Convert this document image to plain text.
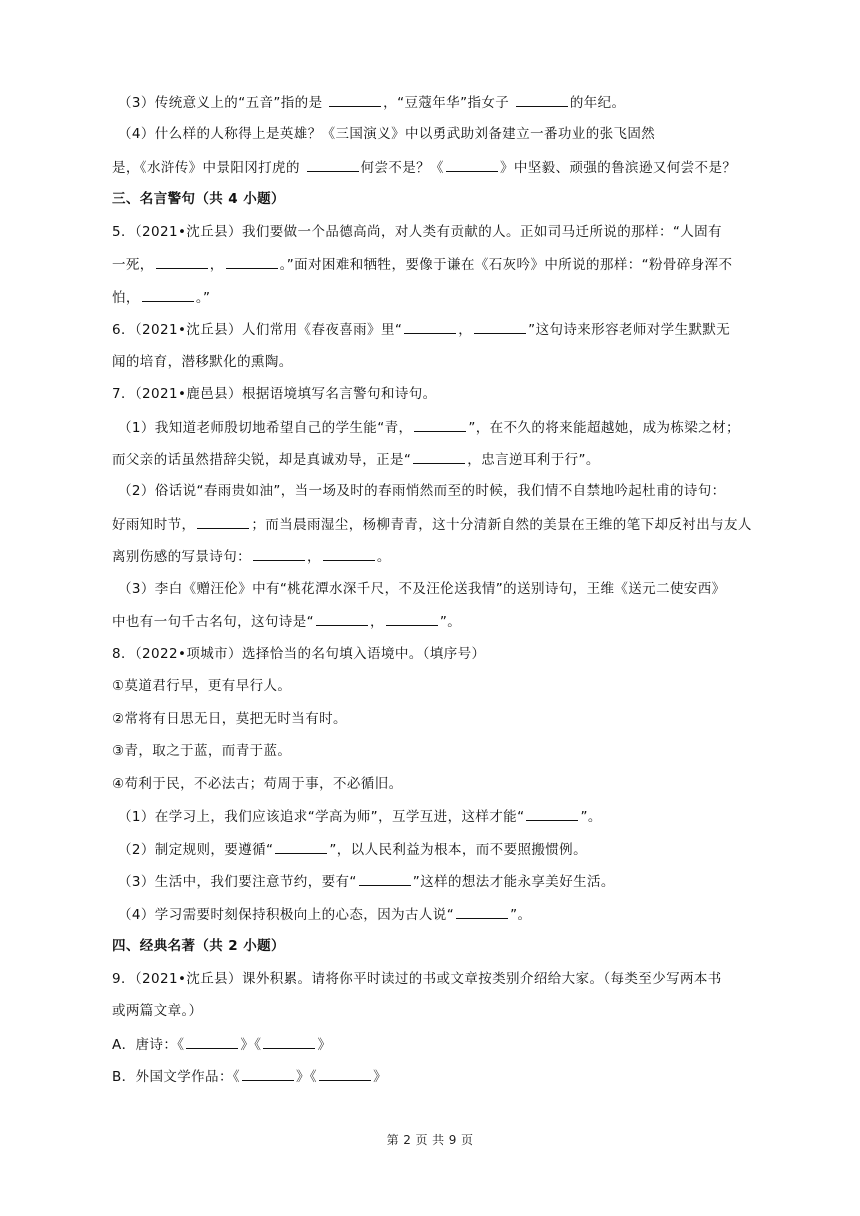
（3）传统意义上的“五音”指的是	，“豆蔻年华”指女子	的年纪。
（4）什么样的人称得上是英雄？《三国演义》中以勇武助刘备建立一番功业的张飞固然
是，《水浒传》中景阳冈打虎的	何尝不是？《	》中坚毅、顽强的鲁滨逊又何尝不是？
三、名言警句（共 4 小题）
5．（2021•沈丘县）我们要做一个品德高尚，对人类有贡献的人。正如司马迁所说的那样：“人固有
一死，	，	。”面对困难和牺牲，要像于谦在《石灰吟》中所说的那样：“粉骨碎身浑不
怕，	。”
6．（2021•沈丘县）人们常用《春夜喜雨》里“	，	”这句诗来形容老师对学生默默无
闻的培育，潜移默化的熏陶。
7．（2021•鹿邑县）根据语境填写名言警句和诗句。
（1）我知道老师殷切地希望自己的学生能“青，	”，在不久的将来能超越她，成为栋梁之材；
而父亲的话虽然措辞尖锐，却是真诚劝导，正是“	，忠言逆耳利于行”。
（2）俗话说“春雨贵如油”，当一场及时的春雨悄然而至的时候，我们情不自禁地吟起杜甫的诗句：
好雨知时节，	；而当晨雨湿尘，杨柳青青，这十分清新自然的美景在王维的笔下却反衬出与友人
离别伤感的写景诗句：	，	。
（3）李白《赠汪伦》中有“桃花潭水深千尺，不及汪伦送我情”的送别诗句，王维《送元二使安西》
中也有一句千古名句，这句诗是“	，	”。
8．（2022•项城市）选择恰当的名句填入语境中。（填序号）
①莫道君行早，更有早行人。
②常将有日思无日，莫把无时当有时。
③青，取之于蓝，而青于蓝。
④苟利于民，不必法古；苟周于事，不必循旧。
（1）在学习上，我们应该追求“学高为师”，互学互进，这样才能“	”。
（2）制定规则，要遵循“	”，以人民利益为根本，而不要照搬惯例。
（3）生活中，我们要注意节约，要有“	”这样的想法才能永享美好生活。
（4）学习需要时刻保持积极向上的心态，因为古人说“	”。
四、经典名著（共 2 小题）
9．（2021•沈丘县）课外积累。请将你平时读过的书或文章按类别介绍给大家。（每类至少写两本书
或两篇文章。）
A．唐诗：《	》《	》
B．外国文学作品：《	》《	》
第 2 页 共 9 页
